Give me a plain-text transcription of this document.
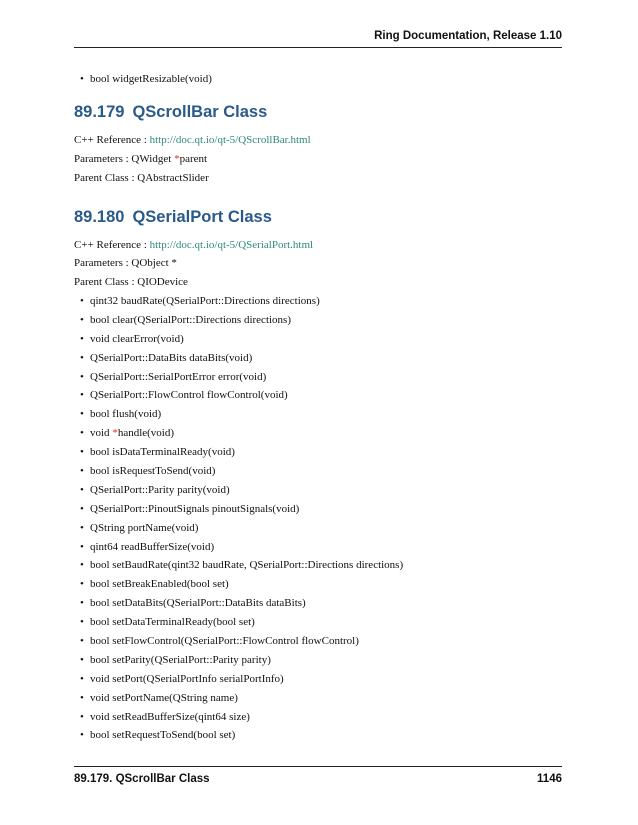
Ring Documentation, Release 1.10
• bool widgetResizable(void)
89.179 QScrollBar Class

C++ Reference : http://doc.qt.io/qt-5/QScrollBar.html

Parameters : QWidget *parent

Parent Class : QAbstractSlider

89.180 QSerialPort Class

C++ Reference : http://doc.qt.io/qt-5/QSerialPort.html

Parameters : QObject *

Parent Class : QIODevice

• qint32 baudRate(QSerialPort::Directions directions)
• bool clear(QSerialPort::Directions directions)
• void clearError(void)
• QSerialPort::DataBits dataBits(void)
• QSerialPort::SerialPortError error(void)
• QSerialPort::FlowControl flowControl(void)
• bool flush(void)
• void *handle(void)
• bool isDataTerminalReady(void)
• bool isRequestToSend(void)
• QSerialPort::Parity parity(void)
• QSerialPort::PinoutSignals pinoutSignals(void)
• QString portName(void)
• qint64 readBufferSize(void)
• bool setBaudRate(qint32 baudRate, QSerialPort::Directions directions)
• bool setBreakEnabled(bool set)
• bool setDataBits(QSerialPort::DataBits dataBits)
• bool setDataTerminalReady(bool set)
• bool setFlowControl(QSerialPort::FlowControl flowControl)
• bool setParity(QSerialPort::Parity parity)
• void setPort(QSerialPortInfo serialPortInfo)
• void setPortName(QString name)
• void setReadBufferSize(qint64 size)
• bool setRequestToSend(bool set)
89.179. QScrollBar Class	1146
